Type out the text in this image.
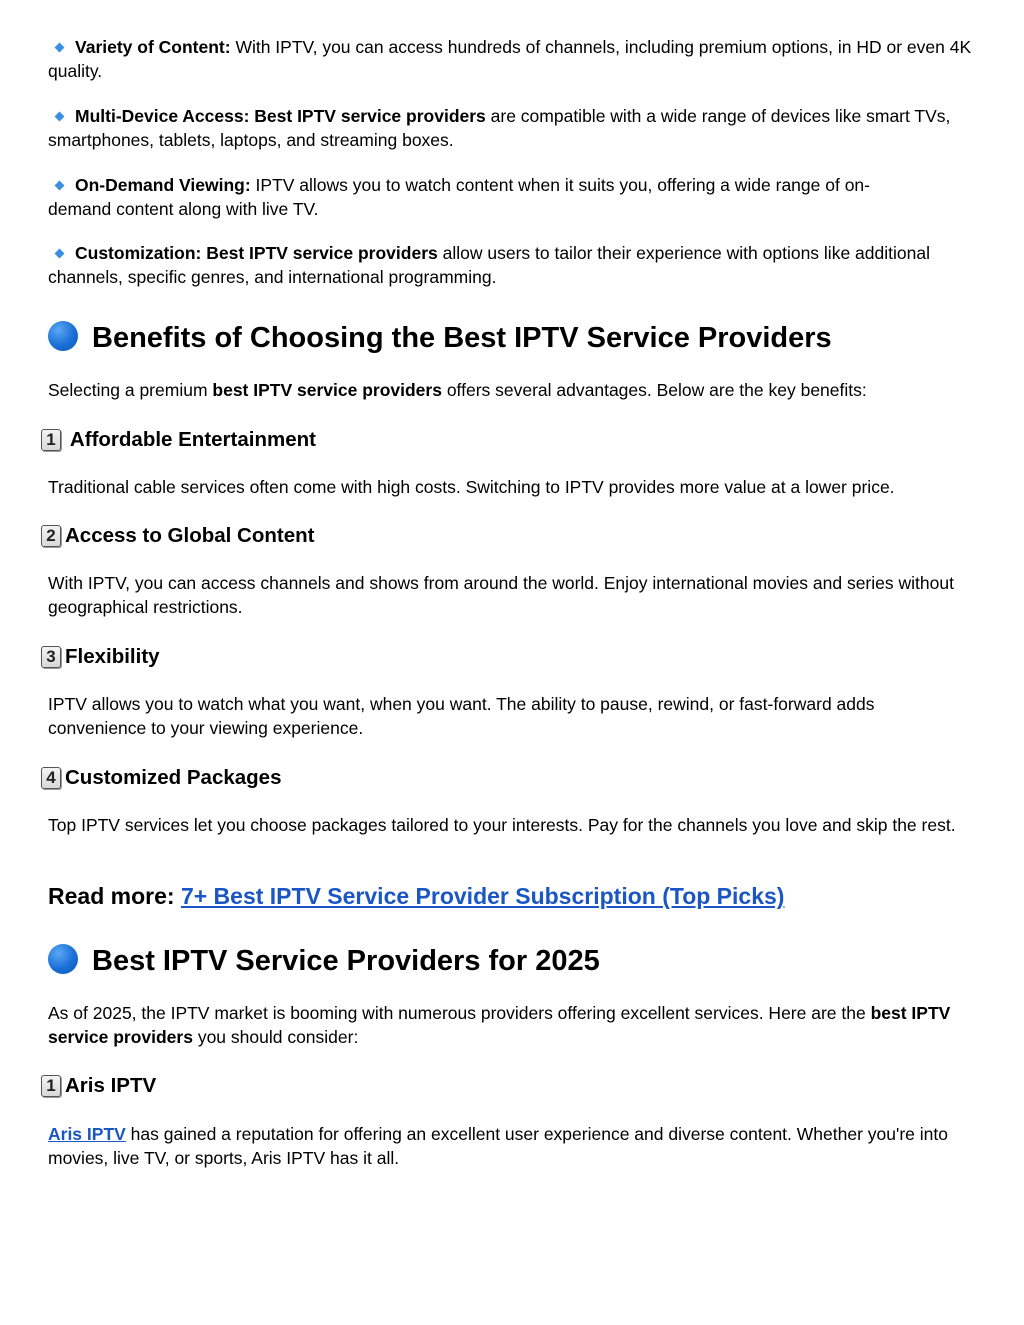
Variety of Content: With IPTV, you can access hundreds of channels, including premium options, in HD or even 4K quality.

Multi-Device Access: Best IPTV service providers are compatible with a wide range of devices like smart TVs, smartphones, tablets, laptops, and streaming boxes.

On-Demand Viewing: IPTV allows you to watch content when it suits you, offering a wide range of on-demand content along with live TV.

Customization: Best IPTV service providers allow users to tailor their experience with options like additional channels, specific genres, and international programming.

Benefits of Choosing the Best IPTV Service Providers

Selecting a premium best IPTV service providers offers several advantages. Below are the key benefits:

1 Affordable Entertainment

Traditional cable services often come with high costs. Switching to IPTV provides more value at a lower price.

2 Access to Global Content

With IPTV, you can access channels and shows from around the world. Enjoy international movies and series without geographical restrictions.

3 Flexibility

IPTV allows you to watch what you want, when you want. The ability to pause, rewind, or fast-forward adds convenience to your viewing experience.

4 Customized Packages

Top IPTV services let you choose packages tailored to your interests. Pay for the channels you love and skip the rest.

Read more: 7+ Best IPTV Service Provider Subscription (Top Picks)

Best IPTV Service Providers for 2025

As of 2025, the IPTV market is booming with numerous providers offering excellent services. Here are the best IPTV service providers you should consider:

1 Aris IPTV

Aris IPTV has gained a reputation for offering an excellent user experience and diverse content. Whether you're into movies, live TV, or sports, Aris IPTV has it all.
